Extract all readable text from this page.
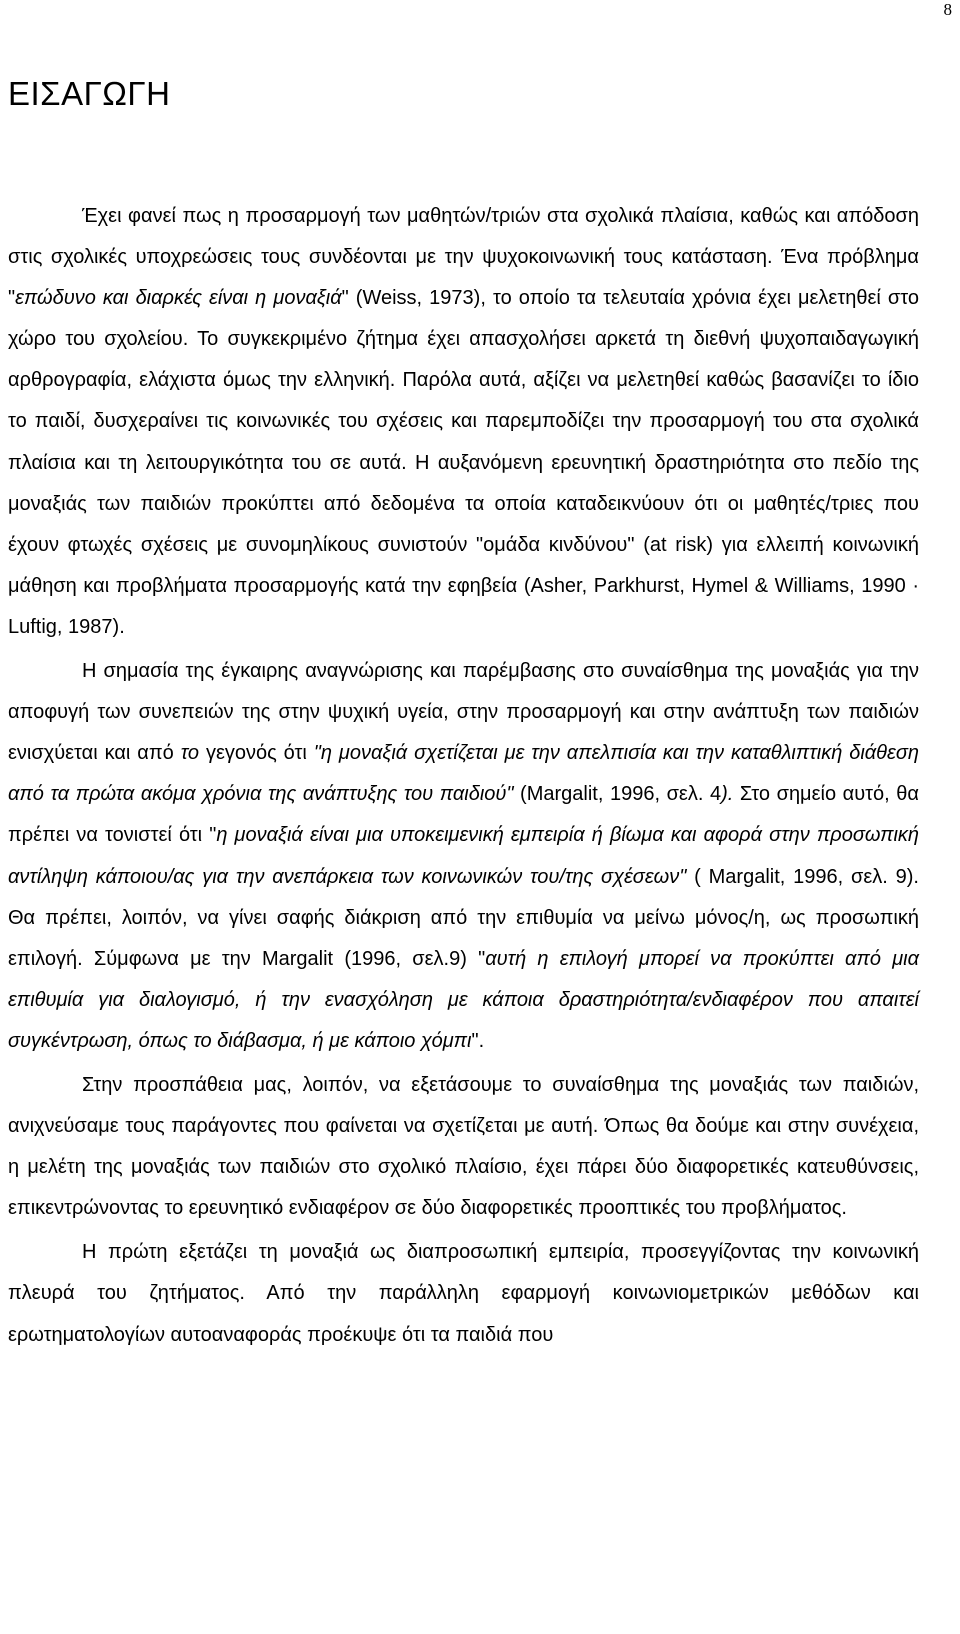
8
ΕΙΣΑΓΩΓΗ

Έχει φανεί πως η προσαρμογή των μαθητών/τριών στα σχολικά πλαίσια, καθώς και απόδοση στις σχολικές υποχρεώσεις τους συνδέονται με την ψυχοκοινωνική τους κατάσταση. Ένα πρόβλημα "επώδυνο και διαρκές είναι η μοναξιά" (Weiss, 1973), το οποίο τα τελευταία χρόνια έχει μελετηθεί στο χώρο του σχολείου. Το συγκεκριμένο ζήτημα έχει απασχολήσει αρκετά τη διεθνή ψυχοπαιδαγωγική αρθρογραφία, ελάχιστα όμως την ελληνική. Παρόλα αυτά, αξίζει να μελετηθεί καθώς βασανίζει το ίδιο το παιδί, δυσχεραίνει τις κοινωνικές του σχέσεις και παρεμποδίζει την προσαρμογή του στα σχολικά πλαίσια και τη λειτουργικότητα του σε αυτά. Η αυξανόμενη ερευνητική δραστηριότητα στο πεδίο της μοναξιάς των παιδιών προκύπτει από δεδομένα τα οποία καταδεικνύουν ότι οι μαθητές/τριες που έχουν φτωχές σχέσεις με συνομηλίκους συνιστούν "ομάδα κινδύνου" (at risk) για ελλειπή κοινωνική μάθηση και προβλήματα προσαρμογής κατά την εφηβεία (Asher, Parkhurst, Hymel & Williams, 1990 · Luftig, 1987).

Η σημασία της έγκαιρης αναγνώρισης και παρέμβασης στο συναίσθημα της μοναξιάς για την αποφυγή των συνεπειών της στην ψυχική υγεία, στην προσαρμογή και στην ανάπτυξη των παιδιών ενισχύεται και από το γεγονός ότι "η μοναξιά σχετίζεται με την απελπισία και την καταθλιπτική διάθεση από τα πρώτα ακόμα χρόνια της ανάπτυξης του παιδιού" (Margalit, 1996, σελ. 4). Στο σημείο αυτό, θα πρέπει να τονιστεί ότι "η μοναξιά είναι μια υποκειμενική εμπειρία ή βίωμα και αφορά στην προσωπική αντίληψη κάποιου/ας για την ανεπάρκεια των κοινωνικών του/της σχέσεων" ( Margalit, 1996, σελ. 9). Θα πρέπει, λοιπόν, να γίνει σαφής διάκριση από την επιθυμία να μείνω μόνος/η, ως προσωπική επιλογή. Σύμφωνα με την Margalit (1996, σελ.9) "αυτή η επιλογή μπορεί να προκύπτει από μια επιθυμία για διαλογισμό, ή την ενασχόληση με κάποια δραστηριότητα/ενδιαφέρον που απαιτεί συγκέντρωση, όπως το διάβασμα, ή με κάποιο χόμπι".

Στην προσπάθεια μας, λοιπόν, να εξετάσουμε το συναίσθημα της μοναξιάς των παιδιών, ανιχνεύσαμε τους παράγοντες που φαίνεται να σχετίζεται με αυτή. Όπως θα δούμε και στην συνέχεια, η μελέτη της μοναξιάς των παιδιών στο σχολικό πλαίσιο, έχει πάρει δύο διαφορετικές κατευθύνσεις, επικεντρώνοντας το ερευνητικό ενδιαφέρον σε δύο διαφορετικές προοπτικές του προβλήματος.

Η πρώτη εξετάζει τη μοναξιά ως διαπροσωπική εμπειρία, προσεγγίζοντας την κοινωνική πλευρά του ζητήματος. Από την παράλληλη εφαρμογή κοινωνιομετρικών μεθόδων και ερωτηματολογίων αυτοαναφοράς προέκυψε ότι τα παιδιά που
